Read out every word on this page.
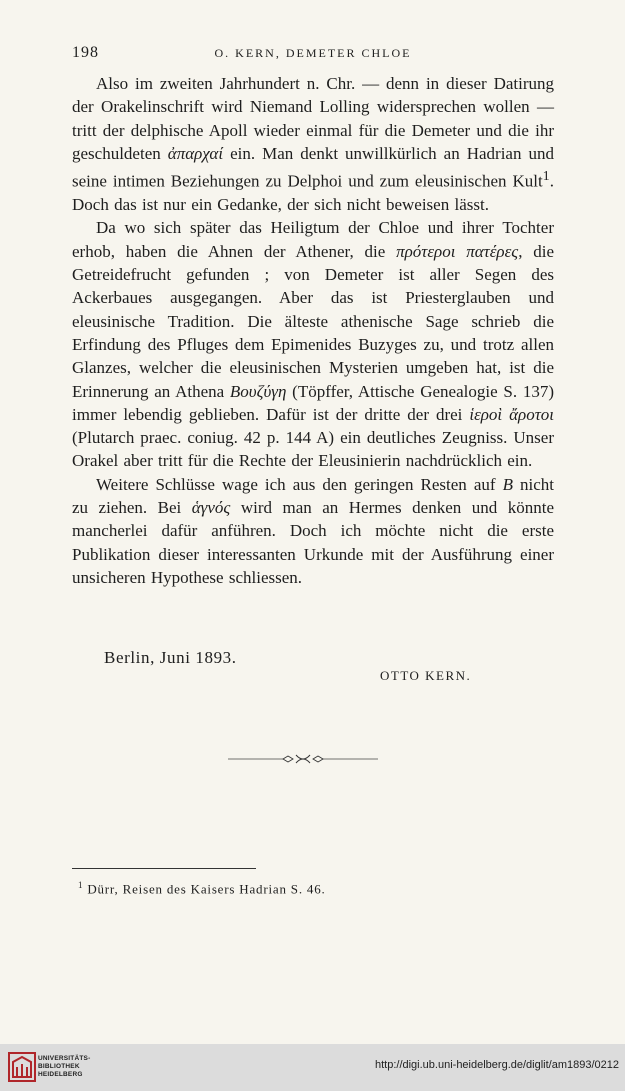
198	O. KERN, DEMETER CHLOE

Also im zweiten Jahrhundert n. Chr. — denn in dieser Datirung der Orakelinschrift wird Niemand Lolling widersprechen wollen — tritt der delphische Apoll wieder einmal für die Demeter und die ihr geschuldeten ἀπαρχαί ein. Man denkt unwillkürlich an Hadrian und seine intimen Beziehungen zu Delphoi und zum eleusinischen Kult$^1$. Doch das ist nur ein Gedanke, der sich nicht beweisen lässt.

Da wo sich später das Heiligtum der Chloe und ihrer Tochter erhob, haben die Ahnen der Athener, die πρότεροι πατέρες, die Getreidefrucht gefunden ; von Demeter ist aller Segen des Ackerbaues ausgegangen. Aber das ist Priesterglauben und eleusinische Tradition. Die älteste athenische Sage schrieb die Erfindung des Pfluges dem Epimenides Buzyges zu, und trotz allen Glanzes, welcher die eleusinischen Mysterien umgeben hat, ist die Erinnerung an Athena Βουζύγη (Töpffer, Attische Genealogie S. 137) immer lebendig geblieben. Dafür ist der dritte der drei ἱεροὶ ἄροτοι (Plutarch praec. coniug. 42 p. 144 A) ein deutliches Zeugniss. Unser Orakel aber tritt für die Rechte der Eleusinierin nachdrücklich ein.

Weitere Schlüsse wage ich aus den geringen Resten auf B nicht zu ziehen. Bei ἁγνός wird man an Hermes denken und könnte mancherlei dafür anführen. Doch ich möchte nicht die erste Publikation dieser interessanten Urkunde mit der Ausführung einer unsicheren Hypothese schliessen.

Berlin, Juni 1893.
OTTO KERN.
$^1$ Dürr, Reisen des Kaisers Hadrian S. 46.
UNIVERSITÄTS-
BIBLIOTHEK
HEIDELBERG
http://digi.ub.uni-heidelberg.de/diglit/am1893/0212
